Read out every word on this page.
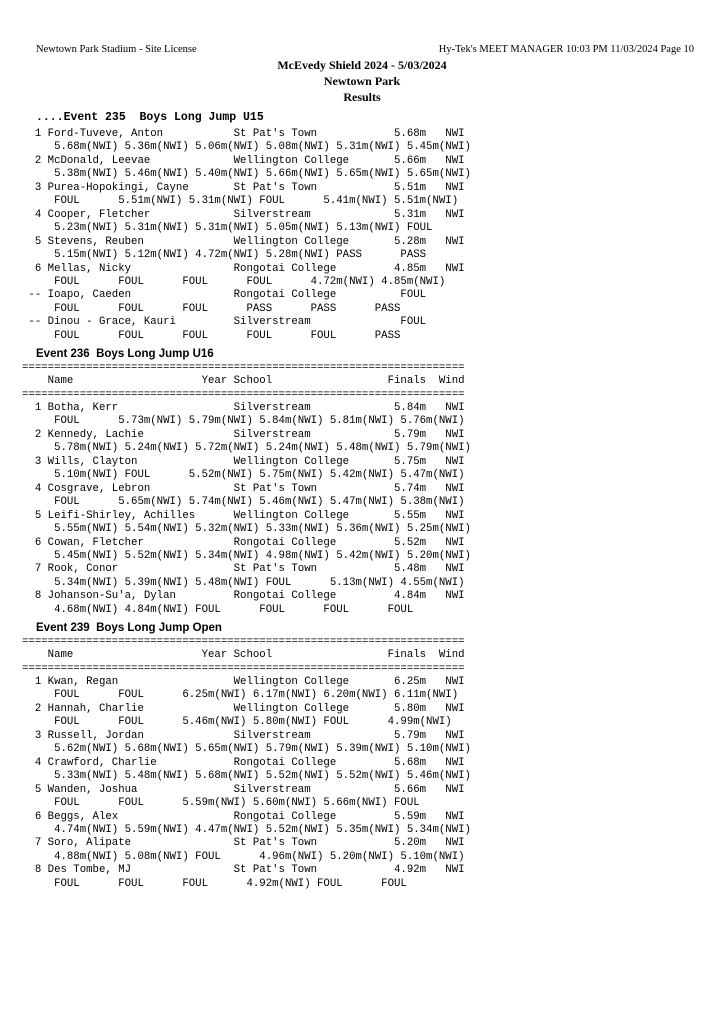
Newtown Park Stadium - Site License	Hy-Tek's MEET MANAGER 10:03 PM 11/03/2024 Page 10
McEvedy Shield 2024 - 5/03/2024
Newtown Park
Results
....Event 235  Boys Long Jump U15
1 Ford-Tuveve, Anton           St Pat's Town            5.68m   NWI
5.68m(NWI) 5.36m(NWI) 5.06m(NWI) 5.08m(NWI) 5.31m(NWI) 5.45m(NWI)
2 McDonald, Leevae             Wellington College       5.66m   NWI
5.38m(NWI) 5.46m(NWI) 5.40m(NWI) 5.66m(NWI) 5.65m(NWI) 5.65m(NWI)
3 Purea-Hopokingi, Cayne       St Pat's Town            5.51m   NWI
FOUL      5.51m(NWI) 5.31m(NWI) FOUL      5.41m(NWI) 5.51m(NWI)
4 Cooper, Fletcher             Silverstream             5.31m   NWI
5.23m(NWI) 5.31m(NWI) 5.31m(NWI) 5.05m(NWI) 5.13m(NWI) FOUL
5 Stevens, Reuben              Wellington College       5.28m   NWI
5.15m(NWI) 5.12m(NWI) 4.72m(NWI) 5.28m(NWI) PASS      PASS
6 Mellas, Nicky                Rongotai College         4.85m   NWI
FOUL      FOUL      FOUL      FOUL      4.72m(NWI) 4.85m(NWI)
-- Ioapo, Caeden                Rongotai College          FOUL
FOUL      FOUL      FOUL      PASS      PASS      PASS
-- Dinou - Grace, Kauri         Silverstream              FOUL
FOUL      FOUL      FOUL      FOUL      FOUL      PASS
Event 236  Boys Long Jump U16
=====================================================================
Name                    Year School                  Finals  Wind
=====================================================================
1 Botha, Kerr                  Silverstream             5.84m   NWI
FOUL      5.73m(NWI) 5.79m(NWI) 5.84m(NWI) 5.81m(NWI) 5.76m(NWI)
2 Kennedy, Lachie              Silverstream             5.79m   NWI
5.78m(NWI) 5.24m(NWI) 5.72m(NWI) 5.24m(NWI) 5.48m(NWI) 5.79m(NWI)
3 Wills, Clayton               Wellington College       5.75m   NWI
5.10m(NWI) FOUL      5.52m(NWI) 5.75m(NWI) 5.42m(NWI) 5.47m(NWI)
4 Cosgrave, Lebron             St Pat's Town            5.74m   NWI
FOUL      5.65m(NWI) 5.74m(NWI) 5.46m(NWI) 5.47m(NWI) 5.38m(NWI)
5 Leifi-Shirley, Achilles      Wellington College       5.55m   NWI
5.55m(NWI) 5.54m(NWI) 5.32m(NWI) 5.33m(NWI) 5.36m(NWI) 5.25m(NWI)
6 Cowan, Fletcher              Rongotai College         5.52m   NWI
5.45m(NWI) 5.52m(NWI) 5.34m(NWI) 4.98m(NWI) 5.42m(NWI) 5.20m(NWI)
7 Rook, Conor                  St Pat's Town            5.48m   NWI
5.34m(NWI) 5.39m(NWI) 5.48m(NWI) FOUL      5.13m(NWI) 4.55m(NWI)
8 Johanson-Su'a, Dylan         Rongotai College         4.84m   NWI
4.68m(NWI) 4.84m(NWI) FOUL      FOUL      FOUL      FOUL
Event 239  Boys Long Jump Open
=====================================================================
Name                    Year School                  Finals  Wind
=====================================================================
1 Kwan, Regan                  Wellington College       6.25m   NWI
FOUL      FOUL      6.25m(NWI) 6.17m(NWI) 6.20m(NWI) 6.11m(NWI)
2 Hannah, Charlie              Wellington College       5.80m   NWI
FOUL      FOUL      5.46m(NWI) 5.80m(NWI) FOUL      4.99m(NWI)
3 Russell, Jordan              Silverstream             5.79m   NWI
5.62m(NWI) 5.68m(NWI) 5.65m(NWI) 5.79m(NWI) 5.39m(NWI) 5.10m(NWI)
4 Crawford, Charlie            Rongotai College         5.68m   NWI
5.33m(NWI) 5.48m(NWI) 5.68m(NWI) 5.52m(NWI) 5.52m(NWI) 5.46m(NWI)
5 Wanden, Joshua               Silverstream             5.66m   NWI
FOUL      FOUL      5.59m(NWI) 5.60m(NWI) 5.66m(NWI) FOUL
6 Beggs, Alex                  Rongotai College         5.59m   NWI
4.74m(NWI) 5.59m(NWI) 4.47m(NWI) 5.52m(NWI) 5.35m(NWI) 5.34m(NWI)
7 Soro, Alipate                St Pat's Town            5.20m   NWI
4.88m(NWI) 5.08m(NWI) FOUL      4.96m(NWI) 5.20m(NWI) 5.10m(NWI)
8 Des Tombe, MJ                St Pat's Town            4.92m   NWI
FOUL      FOUL      FOUL      4.92m(NWI) FOUL      FOUL
